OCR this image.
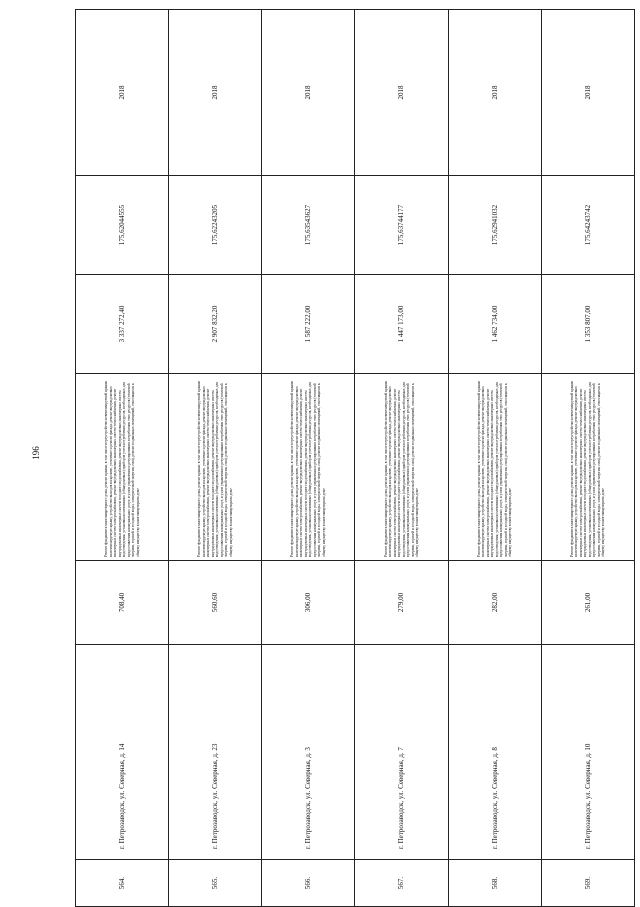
196
564.	г. Петрозаводск, ул. Северная, д. 14	708,40	Ремонт фундамента многоквартирного дома, ремонт крыши, в том числе переустройство невентилируемой крыши на вентилируемую крышу, устройство выходов на кровлю, утепление и ремонт фасада, ремонт внутридомовых инженерных систем электроснабжения, ремонт внутридомовых инженерных систем теплоснабжения, ремонт внутридомовых инженерных систем холодного водоснабжения, ремонт внутридомовых инженерных систем водоотведения, установка коллективных (общедомовых) приборов учета потребления ресурсов, необходимых для предоставления коммунальных услуг, и узлов управления и регулирования потребления этих ресурсов (тепловой энергии, горячей и холодной воды, электрической энергии, газа), ремонт подвальных помещений, относящихся к общему имуществу в многоквартирном доме	3 337 272,40	175,62044555	2018
565.	г. Петрозаводск, ул. Северная, д. 23	560,60	Ремонт фундамента многоквартирного дома, ремонт крыши, в том числе переустройство невентилируемой крыши на вентилируемую крышу, устройство выходов на кровлю, утепление и ремонт фасада, ремонт внутридомовых инженерных систем электроснабжения, ремонт внутридомовых инженерных систем теплоснабжения, ремонт внутридомовых инженерных систем холодного водоснабжения, ремонт внутридомовых инженерных систем водоотведения, установка коллективных (общедомовых) приборов учета потребления ресурсов, необходимых для предоставления коммунальных услуг, и узлов управления и регулирования потребления этих ресурсов (тепловой энергии, горячей и холодной воды, электрической энергии, газа), ремонт подвальных помещений, относящихся к общему имуществу в многоквартирном доме	2 907 832,20	175,62243205	2018
566.	г. Петрозаводск, ул. Северная, д. 3	306,00	Ремонт фундамента многоквартирного дома, ремонт крыши, в том числе переустройство невентилируемой крыши на вентилируемую крышу, устройство выходов на кровлю, утепление и ремонт фасада, ремонт внутридомовых инженерных систем электроснабжения, ремонт внутридомовых инженерных систем теплоснабжения, ремонт внутридомовых инженерных систем холодного водоснабжения, ремонт внутридомовых инженерных систем водоотведения, установка коллективных (общедомовых) приборов учета потребления ресурсов, необходимых для предоставления коммунальных услуг, и узлов управления и регулирования потребления этих ресурсов (тепловой энергии, горячей и холодной воды, электрической энергии, газа), ремонт подвальных помещений, относящихся к общему имуществу в многоквартирном доме	1 587 222,00	175,63543627	2018
567.	г. Петрозаводск, ул. Северная, д. 7	279,00	Ремонт фундамента многоквартирного дома, ремонт крыши, в том числе переустройство невентилируемой крыши на вентилируемую крышу, устройство выходов на кровлю, утепление и ремонт фасада, ремонт внутридомовых инженерных систем электроснабжения, ремонт внутридомовых инженерных систем теплоснабжения, ремонт внутридомовых инженерных систем холодного водоснабжения, ремонт внутридомовых инженерных систем водоотведения, установка коллективных (общедомовых) приборов учета потребления ресурсов, необходимых для предоставления коммунальных услуг, и узлов управления и регулирования потребления этих ресурсов (тепловой энергии, горячей и холодной воды, электрической энергии, газа), ремонт подвальных помещений, относящихся к общему имуществу в многоквартирном доме	1 447 173,00	175,63744177	2018
568.	г. Петрозаводск, ул. Северная, д. 8	282,00	Ремонт фундамента многоквартирного дома, ремонт крыши, в том числе переустройство невентилируемой крыши на вентилируемую крышу, устройство выходов на кровлю, утепление и ремонт фасада, ремонт внутридомовых инженерных систем электроснабжения, ремонт внутридомовых инженерных систем теплоснабжения, ремонт внутридомовых инженерных систем холодного водоснабжения, ремонт внутридомовых инженерных систем водоотведения, установка коллективных (общедомовых) приборов учета потребления ресурсов, необходимых для предоставления коммунальных услуг, и узлов управления и регулирования потребления этих ресурсов (тепловой энергии, горячей и холодной воды, электрической энергии, газа), ремонт подвальных помещений, относящихся к общему имуществу в многоквартирном доме	1 462 734,00	175,62941032	2018
569.	г. Петрозаводск, ул. Северная, д. 10	261,00	Ремонт фундамента многоквартирного дома, ремонт крыши, в том числе переустройство невентилируемой крыши на вентилируемую крышу, устройство выходов на кровлю, утепление и ремонт фасада, ремонт внутридомовых инженерных систем электроснабжения, ремонт внутридомовых инженерных систем теплоснабжения, ремонт внутридомовых инженерных систем холодного водоснабжения, ремонт внутридомовых инженерных систем водоотведения, установка коллективных (общедомовых) приборов учета потребления ресурсов, необходимых для предоставления коммунальных услуг, и узлов управления и регулирования потребления этих ресурсов (тепловой энергии, горячей и холодной воды, электрической энергии, газа), ремонт подвальных помещений, относящихся к общему имуществу в многоквартирном доме	1 353 807,00	175,64243742	2018
